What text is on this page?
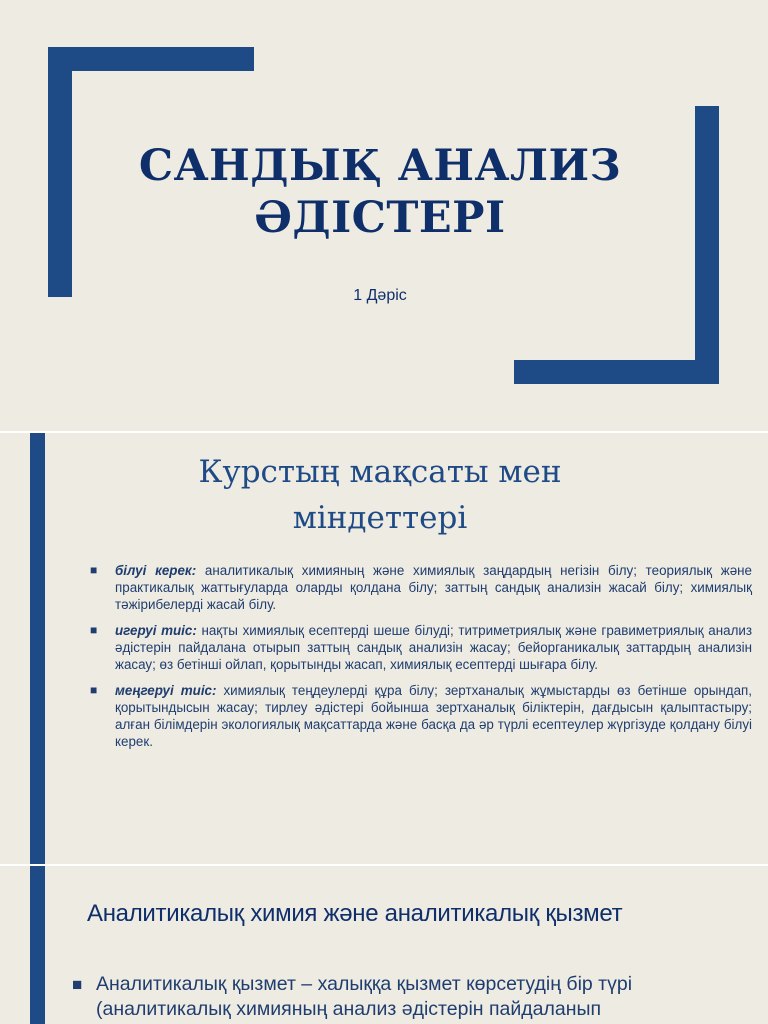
САНДЫҚ АНАЛИЗ
ӘДІСТЕРІ
1 Дәріс
Курстың мақсаты мен
міндеттері
■ білуі керек: аналитикалық химияның және химиялық заңдардың негізін білу; теориялық және практикалық жаттығуларда оларды қолдана білу; заттың сандық анализін жасай білу; химиялық тәжірибелерді жасай білу.
■ игеруі тиіс: нақты химиялық есептерді шеше білуді; титриметриялық және гравиметриялық анализ әдістерін пайдалана отырып заттың сандық анализін жасау; бейорганикалық заттардың анализін жасау; өз бетінші ойлап, қорытынды жасап, химиялық есептерді шығара білу.
■ меңгеруі тиіс: химиялық теңдеулерді құра білу; зертханалық жұмыстарды өз бетінше орындап, қорытындысын жасау; тирлеу әдістері бойынша зертханалық біліктерін, дағдысын қалыптастыру; алған білімдерін экологиялық мақсаттарда және басқа да әр түрлі есептеулер жүргізуде қолдану білуі керек.
Аналитикалық химия және аналитикалық қызмет
■ Аналитикалық қызмет – халыққа қызмет көрсетудің бір түрі
(аналитикалық химияның анализ әдістерін пайдаланып
